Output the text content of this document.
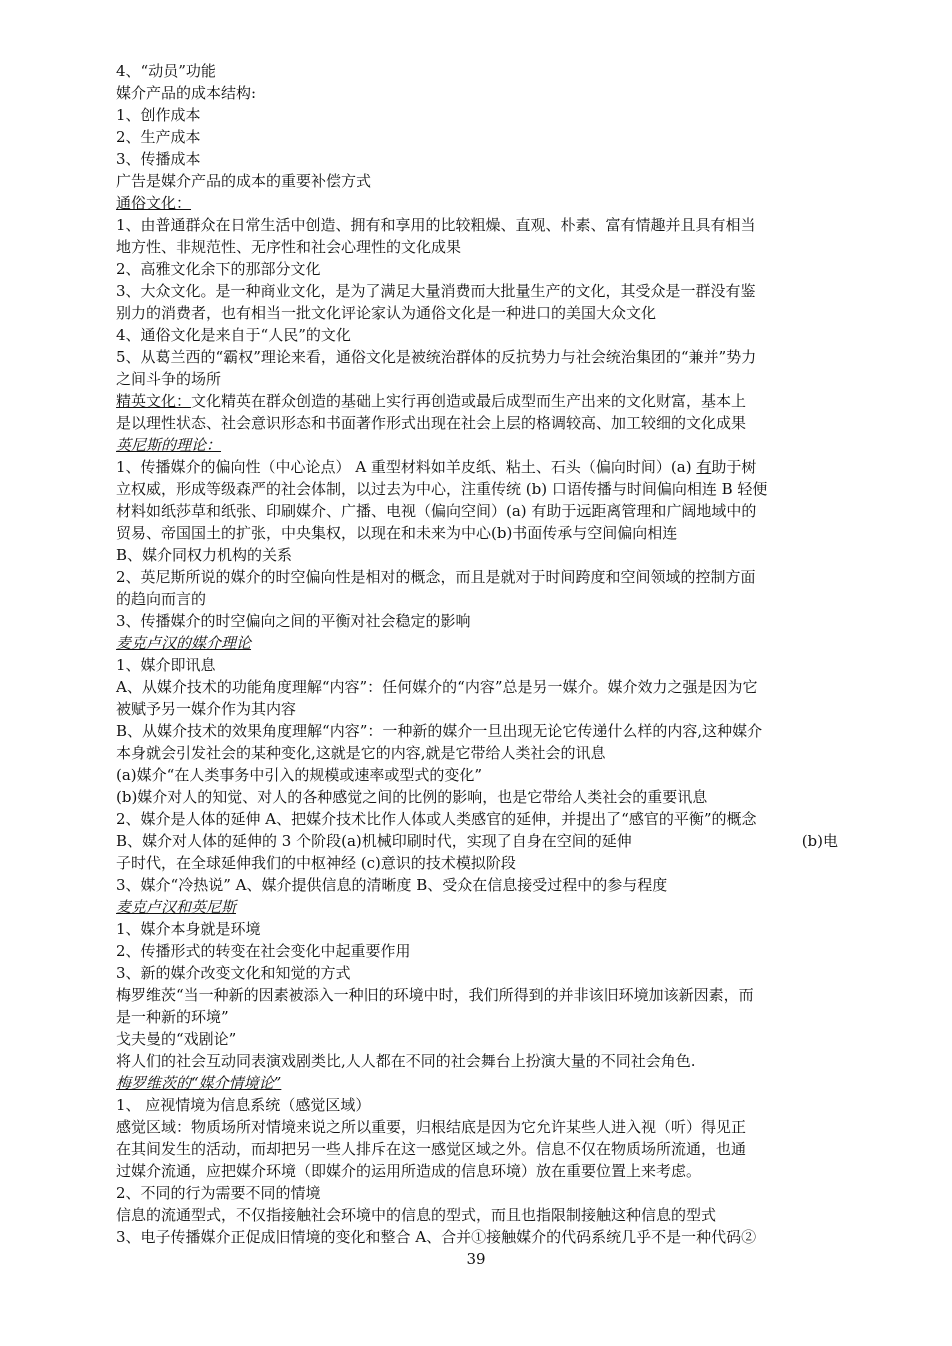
4、“动员”功能
媒介产品的成本结构:
1、创作成本
2、生产成本
3、传播成本
广告是媒介产品的成本的重要补偿方式
通俗文化：
1、由普通群众在日常生活中创造、拥有和享用的比较粗燥、直观、朴素、富有情趣并且具有相当
地方性、非规范性、无序性和社会心理性的文化成果
2、高雅文化余下的那部分文化
3、大众文化。是一种商业文化，是为了满足大量消费而大批量生产的文化，其受众是一群没有鉴
别力的消费者，也有相当一批文化评论家认为通俗文化是一种进口的美国大众文化
4、通俗文化是来自于“人民”的文化
5、从葛兰西的“霸权”理论来看，通俗文化是被统治群体的反抗势力与社会统治集团的“兼并”势力
之间斗争的场所
精英文化：文化精英在群众创造的基础上实行再创造或最后成型而生产出来的文化财富，基本上
是以理性状态、社会意识形态和书面著作形式出现在社会上层的格调较高、加工较细的文化成果
英尼斯的理论：
1、传播媒介的偏向性（中心论点） A 重型材料如羊皮纸、粘土、石头（偏向时间）(a) 有助于树
立权威，形成等级森严的社会体制，以过去为中心，注重传统 (b) 口语传播与时间偏向相连 B 轻便
材料如纸莎草和纸张、印刷媒介、广播、电视（偏向空间）(a) 有助于远距离管理和广阔地域中的
贸易、帝国国土的扩张，中央集权，以现在和未来为中心(b)书面传承与空间偏向相连
B、媒介同权力机构的关系
2、英尼斯所说的媒介的时空偏向性是相对的概念，而且是就对于时间跨度和空间领域的控制方面
的趋向而言的
3、传播媒介的时空偏向之间的平衡对社会稳定的影响
麦克卢汉的媒介理论
1、媒介即讯息
A、从媒介技术的功能角度理解“内容”：任何媒介的“内容”总是另一媒介。媒介效力之强是因为它
被赋予另一媒介作为其内容
B、从媒介技术的效果角度理解“内容”：一种新的媒介一旦出现无论它传递什么样的内容,这种媒介
本身就会引发社会的某种变化,这就是它的内容,就是它带给人类社会的讯息
(a)媒介“在人类事务中引入的规模或速率或型式的变化”
(b)媒介对人的知觉、对人的各种感觉之间的比例的影响，也是它带给人类社会的重要讯息
2、媒介是人体的延伸 A、把媒介技术比作人体或人类感官的延伸，并提出了“感官的平衡”的概念
B、媒介对人体的延伸的 3 个阶段(a)机械印刷时代，实现了自身在空间的延伸	(b)电
子时代，在全球延伸我们的中枢神经 (c)意识的技术模拟阶段
3、媒介“冷热说” A、媒介提供信息的清晰度 B、受众在信息接受过程中的参与程度
麦克卢汉和英尼斯
1、媒介本身就是环境
2、传播形式的转变在社会变化中起重要作用
3、新的媒介改变文化和知觉的方式
梅罗维茨“当一种新的因素被添入一种旧的环境中时，我们所得到的并非该旧环境加该新因素，而
是一种新的环境”
戈夫曼的“戏剧论”
将人们的社会互动同表演戏剧类比,人人都在不同的社会舞台上扮演大量的不同社会角色.
梅罗维茨的“媒介情境论”
1、 应视情境为信息系统（感觉区域）
感觉区域：物质场所对情境来说之所以重要，归根结底是因为它允许某些人进入视（听）得见正
在其间发生的活动，而却把另一些人排斥在这一感觉区域之外。信息不仅在物质场所流通，也通
过媒介流通，应把媒介环境（即媒介的运用所造成的信息环境）放在重要位置上来考虑。
2、不同的行为需要不同的情境
信息的流通型式，不仅指接触社会环境中的信息的型式，而且也指限制接触这种信息的型式
3、电子传播媒介正促成旧情境的变化和整合 A、合并①接触媒介的代码系统几乎不是一种代码②
39
